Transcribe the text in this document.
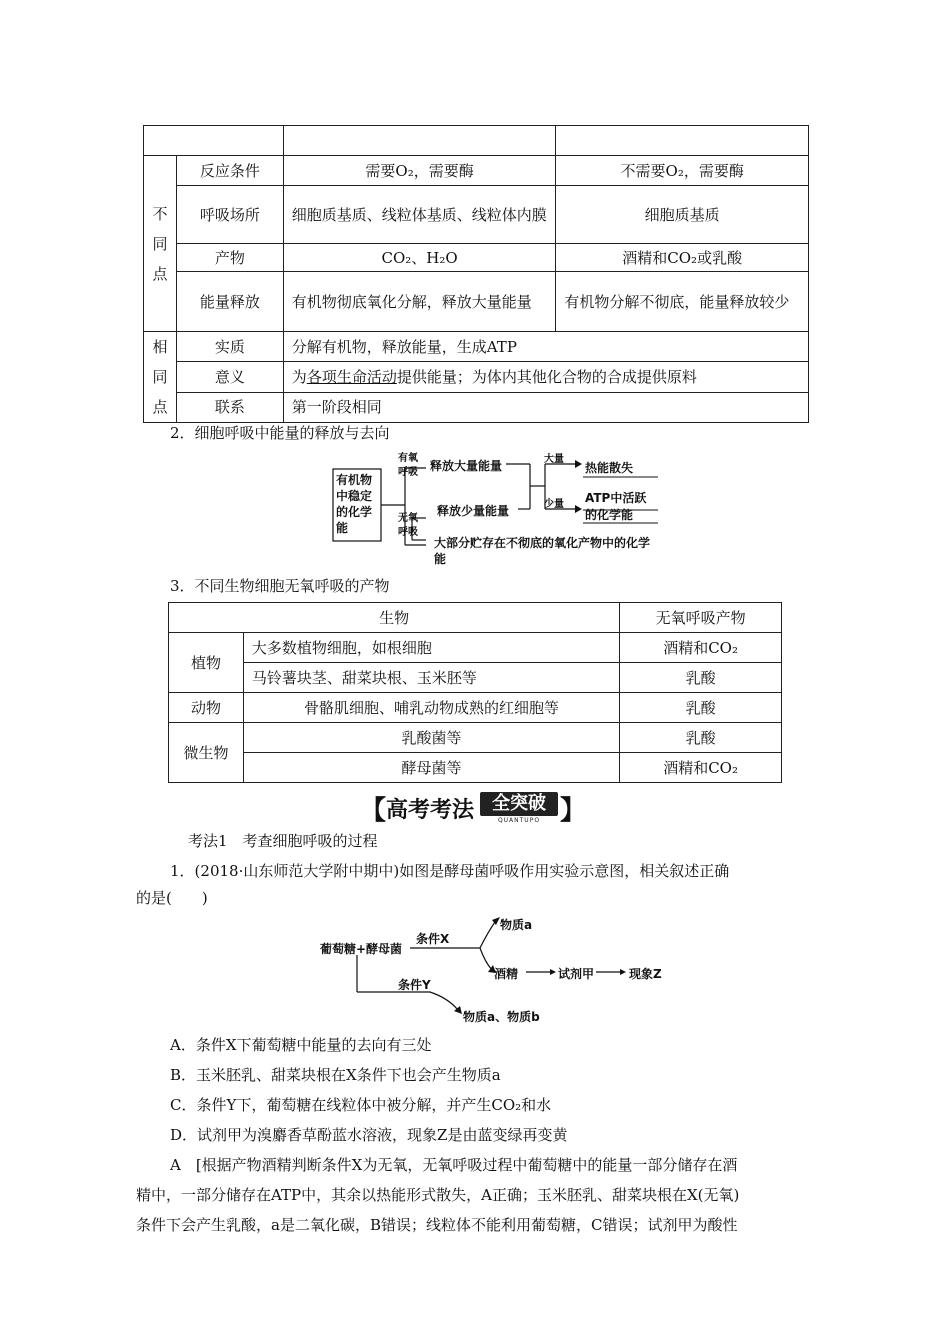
不
同
点	反应条件	需要O₂，需要酶	不需要O₂，需要酶
	呼吸场所	细胞质基质、线粒体基质、线粒体内膜	细胞质基质
	产物	CO₂、H₂O	酒精和CO₂或乳酸
	能量释放	有机物彻底氧化分解，释放大量能量	有机物分解不彻底，能量释放较少

相
同
点	实质	分解有机物，释放能量，生成ATP	
	意义	为各项生命活动提供能量；为体内其他化合物的合成提供原料	
	联系	第一阶段相同	
2．细胞呼吸中能量的释放与去向
有机物中稳定的化学能
有氧呼吸
无氧呼吸
释放大量能量
释放少量能量
大量
少量
热能散失
ATP中活跃的化学能
大部分贮存在不彻底的氧化产物中的化学能
3．不同生物细胞无氧呼吸的产物
生物		无氧呼吸产物
植物	大多数植物细胞，如根细胞	酒精和CO₂
	马铃薯块茎、甜菜块根、玉米胚等	乳酸
动物	骨骼肌细胞、哺乳动物成熟的红细胞等	乳酸
微生物	乳酸菌等	乳酸
	酵母菌等	酒精和CO₂
【 高考考法 全突破
QUANTUPO 】
考法1　考查细胞呼吸的过程
1．(2018·山东师范大学附中期中)如图是酵母菌呼吸作用实验示意图，相关叙述正确
的是(　　)
葡萄糖+酵母菌
条件X
物质a
酒精	试剂甲	现象Z
条件Y
物质a、物质b
A．条件X下葡萄糖中能量的去向有三处
B．玉米胚乳、甜菜块根在X条件下也会产生物质a
C．条件Y下，葡萄糖在线粒体中被分解，并产生CO₂和水
D．试剂甲为溴麝香草酚蓝水溶液，现象Z是由蓝变绿再变黄
A　[根据产物酒精判断条件X为无氧，无氧呼吸过程中葡萄糖中的能量一部分储存在酒
精中，一部分储存在ATP中，其余以热能形式散失，A正确；玉米胚乳、甜菜块根在X(无氧)
条件下会产生乳酸，a是二氧化碳，B错误；线粒体不能利用葡萄糖，C错误；试剂甲为酸性
